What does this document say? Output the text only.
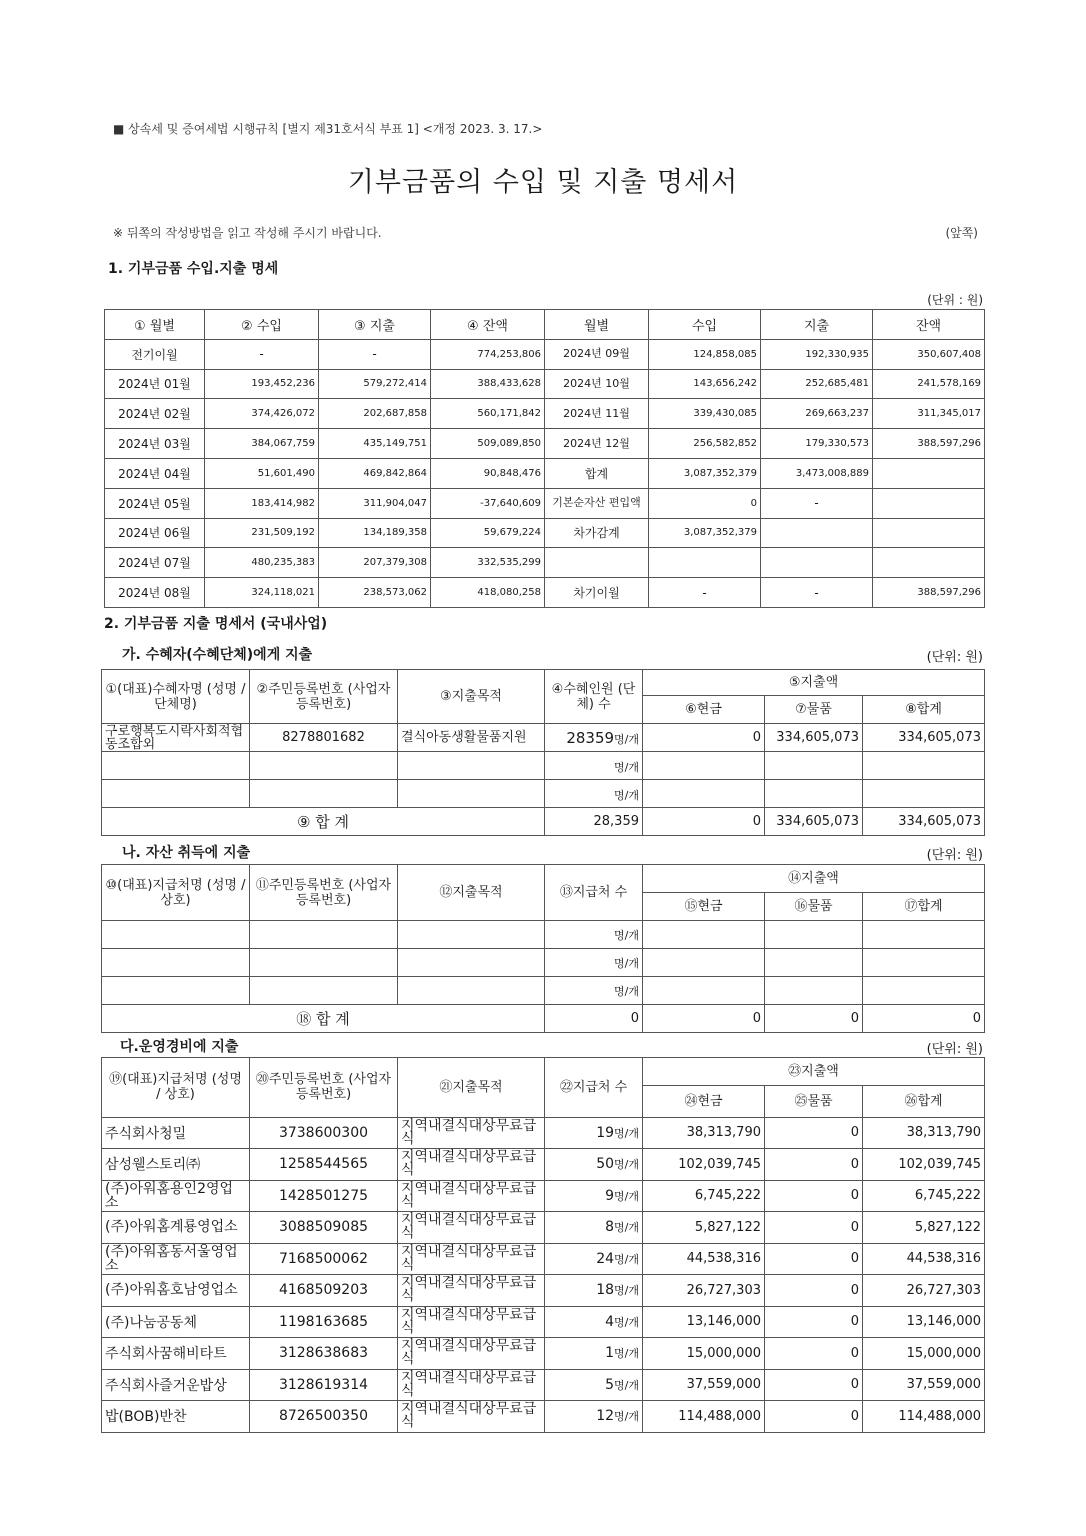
■ 상속세 및 증여세법 시행규칙 [별지 제31호서식 부표 1] <개정 2023. 3. 17.>
기부금품의 수입 및 지출 명세서
※ 뒤쪽의 작성방법을 읽고 작성해 주시기 바랍니다.	(앞쪽)
1. 기부금품 수입.지출 명세
(단위 : 원)
① 월별	② 수입	③ 지출	④ 잔액	월별	수입	지출	잔액
전기이월	-	-	774,253,806	2024년 09월	124,858,085	192,330,935	350,607,408
2024년 01월	193,452,236	579,272,414	388,433,628	2024년 10월	143,656,242	252,685,481	241,578,169
2024년 02월	374,426,072	202,687,858	560,171,842	2024년 11월	339,430,085	269,663,237	311,345,017
2024년 03월	384,067,759	435,149,751	509,089,850	2024년 12월	256,582,852	179,330,573	388,597,296
2024년 04월	51,601,490	469,842,864	90,848,476	합계	3,087,352,379	3,473,008,889	
2024년 05월	183,414,982	311,904,047	-37,640,609	기본순자산 편입액	0	-	
2024년 06월	231,509,192	134,189,358	59,679,224	차가감계	3,087,352,379		
2024년 07월	480,235,383	207,379,308	332,535,299				
2024년 08월	324,118,021	238,573,062	418,080,258	차기이월	-	-	388,597,296
2. 기부금품 지출 명세서 (국내사업)
가. 수혜자(수혜단체)에게 지출	(단위: 원)
①(대표)수혜자명 (성명 / 단체명)	②주민등록번호 (사업자등록번호)	③지출목적	④수혜인원 (단체) 수	⑤지출액		
				⑥현금	⑦물품	⑧합계
구로행복도시락사회적협동조합외	8278801682	결식아동생활물품지원	28359명/개	0	334,605,073	334,605,073
			명/개			
			명/개			
⑨ 합 계			28,359	0	334,605,073	334,605,073
나. 자산 취득에 지출	(단위: 원)
⑩(대표)지급처명 (성명 / 상호)	⑪주민등록번호 (사업자등록번호)	⑫지출목적	⑬지급처 수	⑭지출액		
				⑮현금	⑯물품	⑰합계
			명/개			
			명/개			
			명/개			
⑱ 합 계			0	0	0	0
다.운영경비에 지출	(단위: 원)
⑲(대표)지급처명 (성명 / 상호)	⑳주민등록번호 (사업자등록번호)	㉑지출목적	㉒지급처 수	㉓지출액		
				㉔현금	㉕물품	㉖합계
주식회사청밀	3738600300	지역내결식대상무료급식	19명/개	38,313,790	0	38,313,790
삼성웰스토리㈜	1258544565	지역내결식대상무료급식	50명/개	102,039,745	0	102,039,745
(주)아워홈용인2영업소	1428501275	지역내결식대상무료급식	9명/개	6,745,222	0	6,745,222
(주)아워홈계룡영업소	3088509085	지역내결식대상무료급식	8명/개	5,827,122	0	5,827,122
(주)아워홈동서울영업소	7168500062	지역내결식대상무료급식	24명/개	44,538,316	0	44,538,316
(주)아워홈호남영업소	4168509203	지역내결식대상무료급식	18명/개	26,727,303	0	26,727,303
(주)나눔공동체	1198163685	지역내결식대상무료급식	4명/개	13,146,000	0	13,146,000
주식회사꿈해비타트	3128638683	지역내결식대상무료급식	1명/개	15,000,000	0	15,000,000
주식회사즐거운밥상	3128619314	지역내결식대상무료급식	5명/개	37,559,000	0	37,559,000
밥(BOB)반찬	8726500350	지역내결식대상무료급식	12명/개	114,488,000	0	114,488,000
